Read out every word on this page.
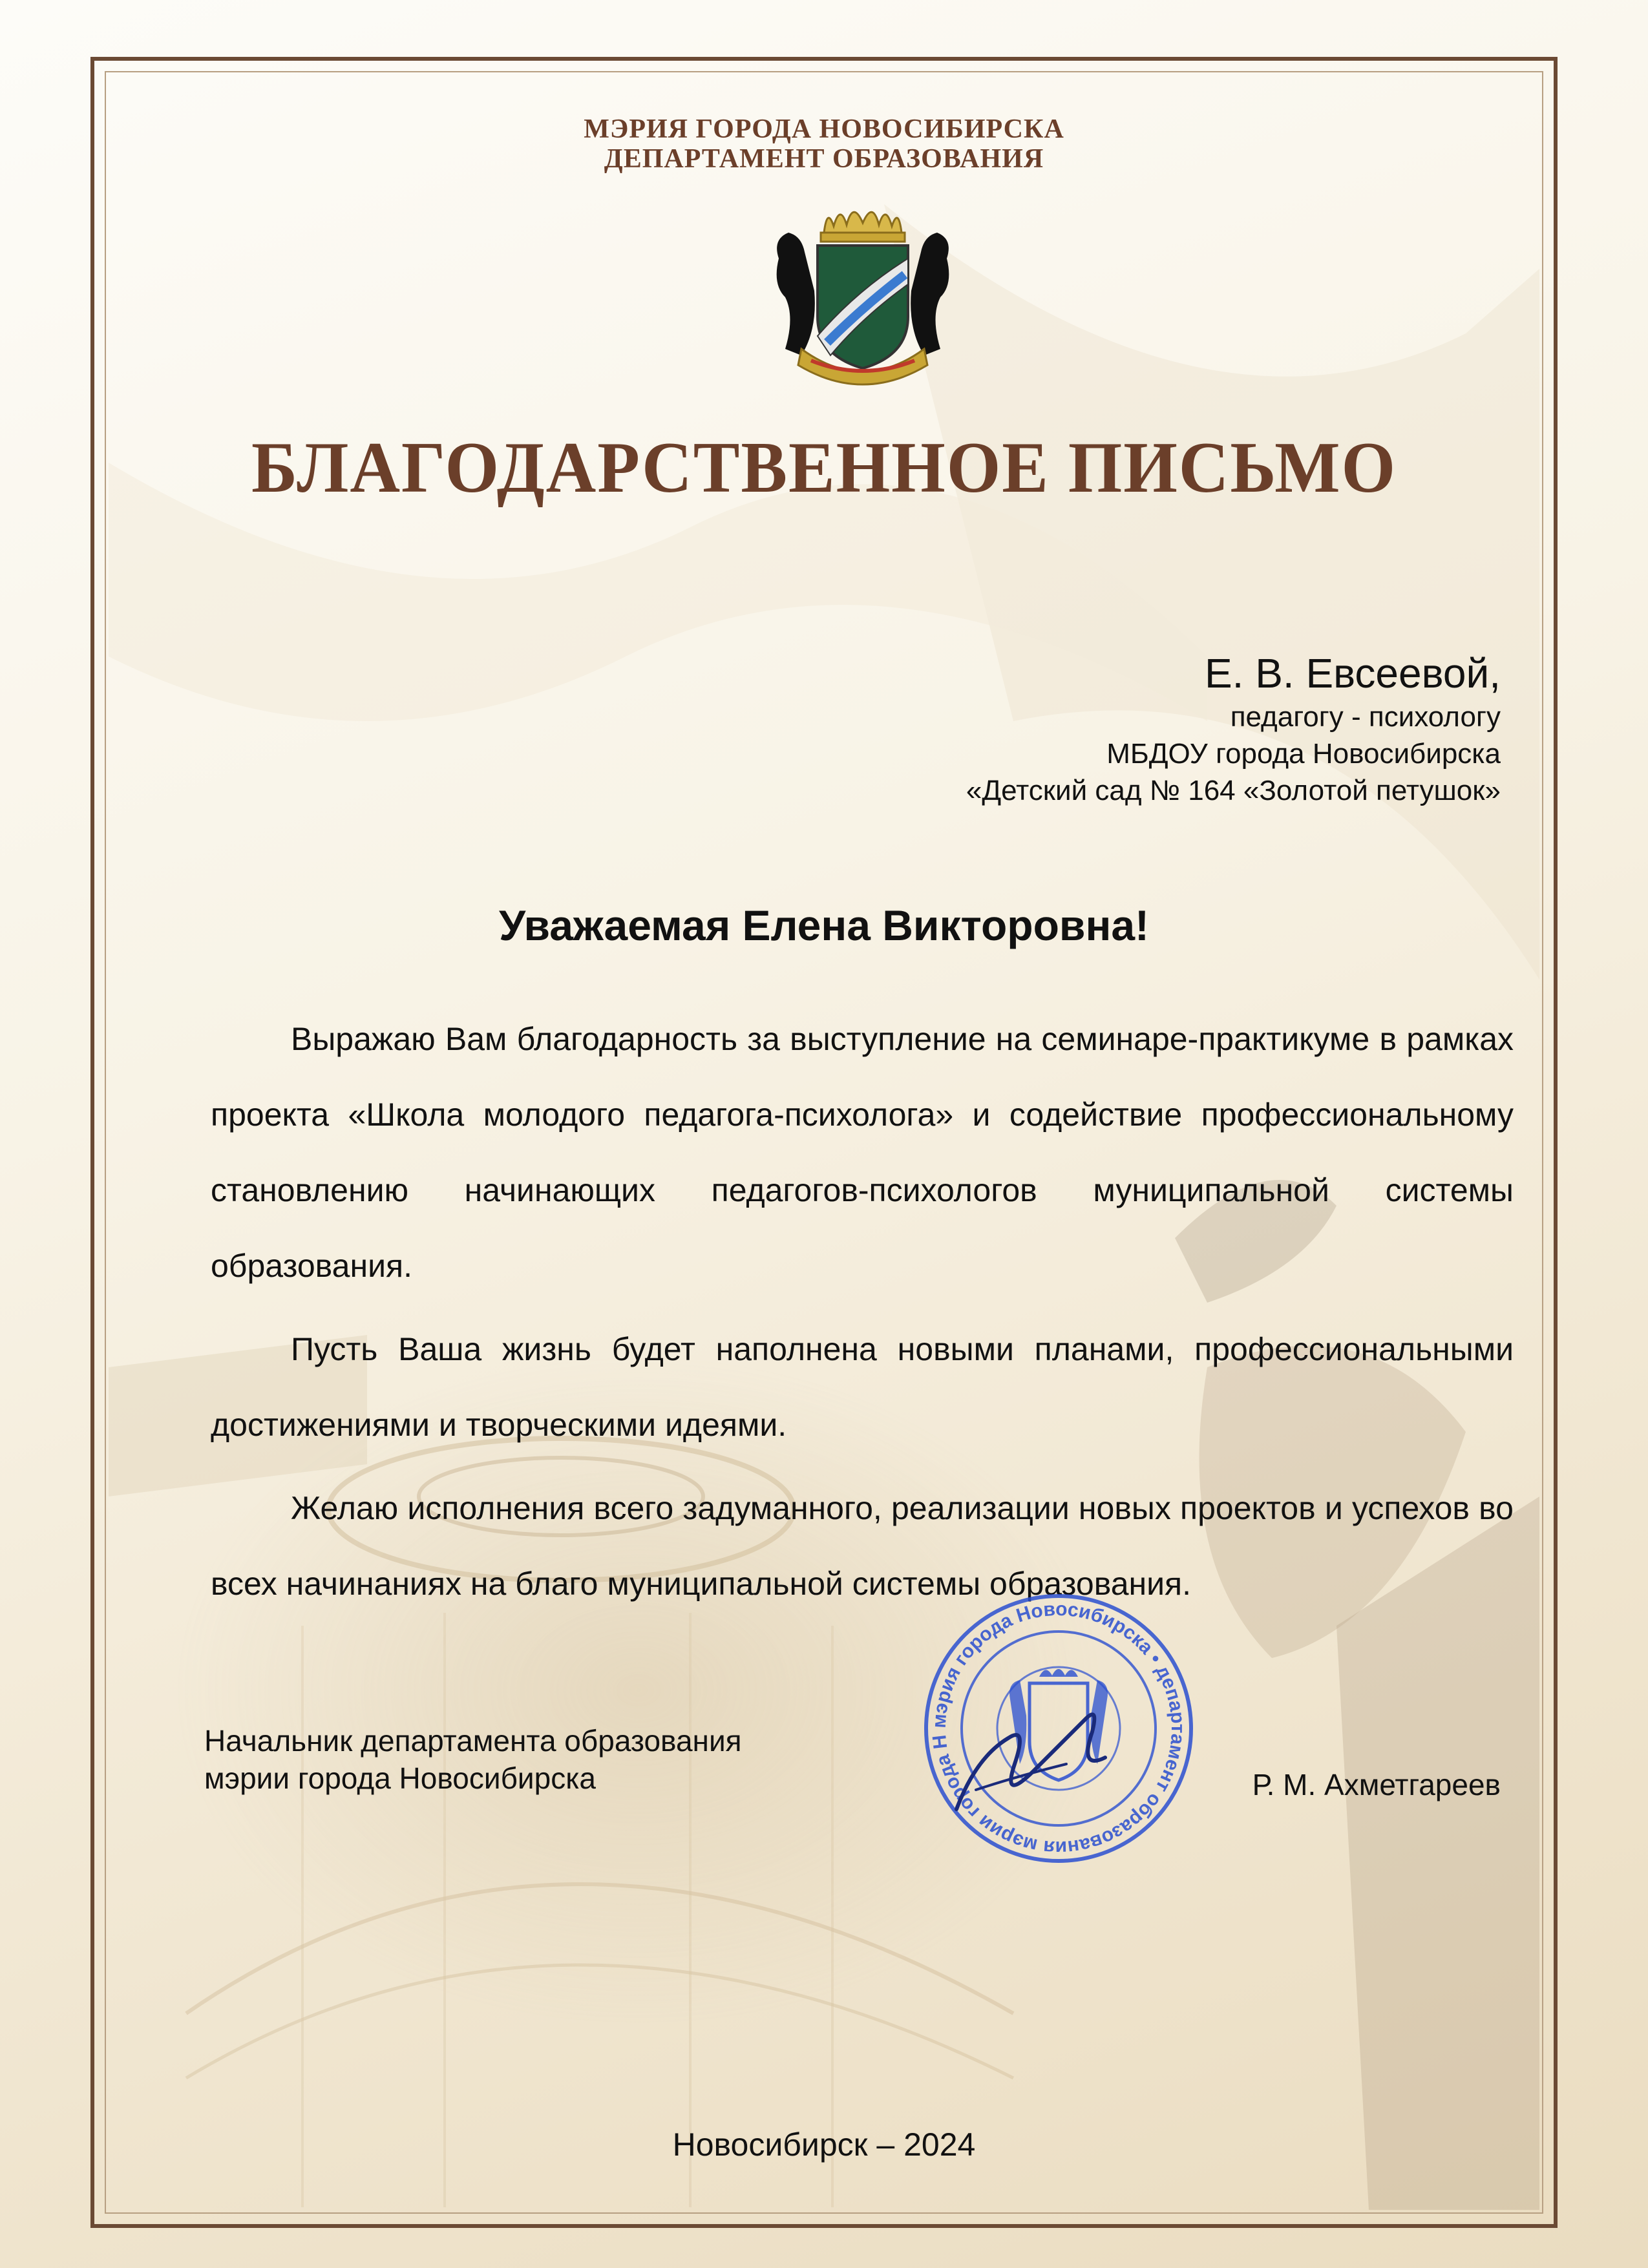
МЭРИЯ ГОРОДА НОВОСИБИРСКА
ДЕПАРТАМЕНТ ОБРАЗОВАНИЯ
БЛАГОДАРСТВЕННОЕ ПИСЬМО
Е. В. Евсеевой,
педагогу - психологу
МБДОУ города Новосибирска
«Детский сад № 164 «Золотой петушок»
Уважаемая Елена Викторовна!

Выражаю Вам благодарность за выступление на семинаре-практикуме в рамках проекта «Школа молодого педагога-психолога» и содействие профессиональному становлению начинающих педагогов-психологов муниципальной системы образования.

Пусть Ваша жизнь будет наполнена новыми планами, профессиональными достижениями и творческими идеями.

Желаю исполнения всего задуманного, реализации новых проектов и успехов во всех начинаниях на благо муниципальной системы образования.

Начальник департамента образования
мэрии города Новосибирска
мэрия города Новосибирска • департамент образования мэрии города Н
Р. М. Ахметгареев
Новосибирск – 2024
